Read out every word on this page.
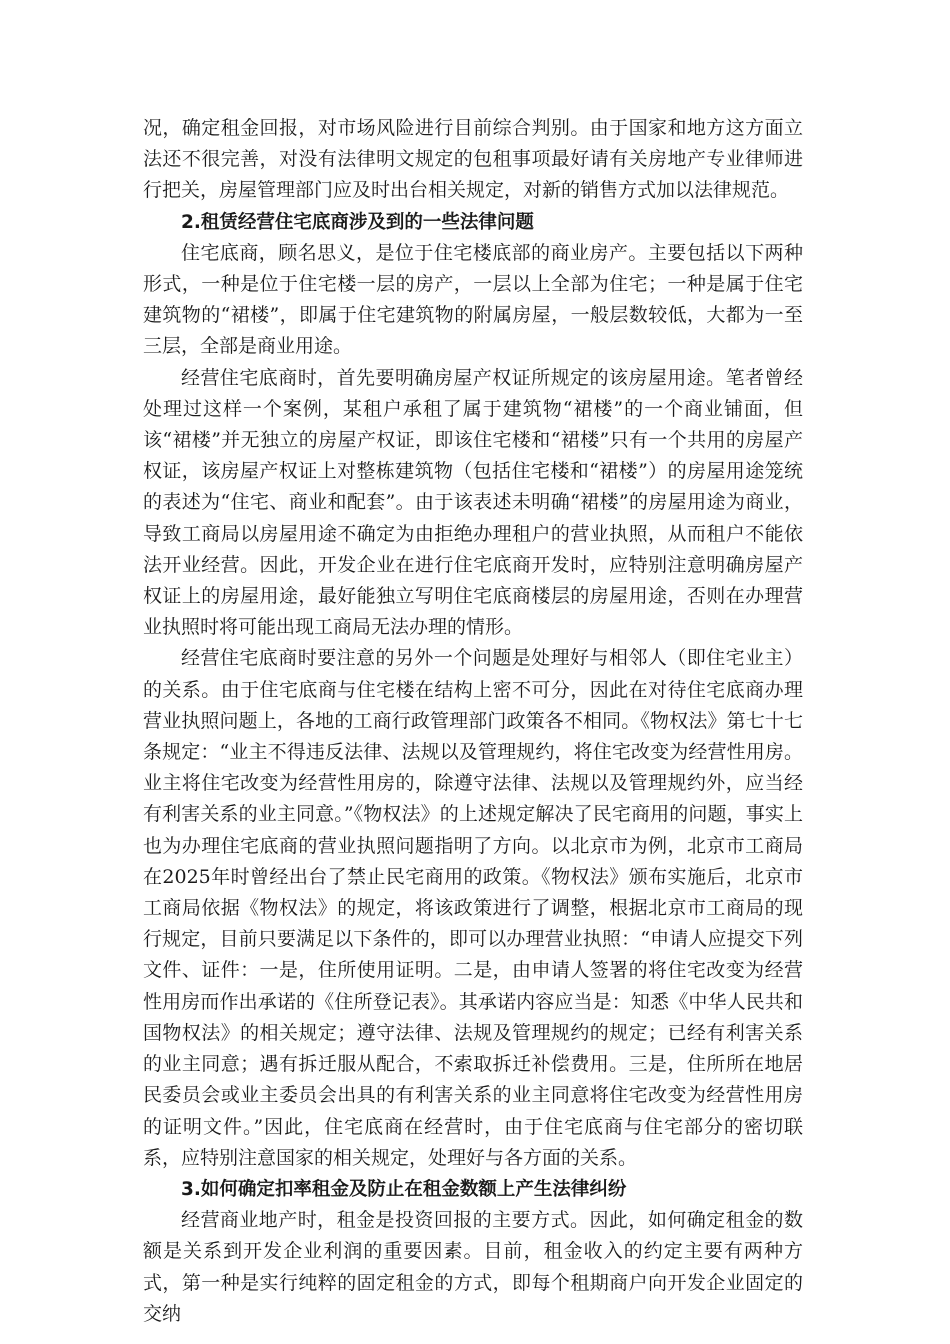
况，确定租金回报，对市场风险进行目前综合判别。由于国家和地方这方面立法还不很完善，对没有法律明文规定的包租事项最好请有关房地产专业律师进行把关，房屋管理部门应及时出台相关规定，对新的销售方式加以法律规范。

2.租赁经营住宅底商涉及到的一些法律问题

住宅底商，顾名思义，是位于住宅楼底部的商业房产。主要包括以下两种形式，一种是位于住宅楼一层的房产，一层以上全部为住宅；一种是属于住宅建筑物的“裙楼”，即属于住宅建筑物的附属房屋，一般层数较低，大都为一至三层，全部是商业用途。

经营住宅底商时，首先要明确房屋产权证所规定的该房屋用途。笔者曾经处理过这样一个案例，某租户承租了属于建筑物“裙楼”的一个商业铺面，但该“裙楼”并无独立的房屋产权证，即该住宅楼和“裙楼”只有一个共用的房屋产权证，该房屋产权证上对整栋建筑物（包括住宅楼和“裙楼”）的房屋用途笼统的表述为“住宅、商业和配套”。由于该表述未明确“裙楼”的房屋用途为商业，导致工商局以房屋用途不确定为由拒绝办理租户的营业执照，从而租户不能依法开业经营。因此，开发企业在进行住宅底商开发时，应特别注意明确房屋产权证上的房屋用途，最好能独立写明住宅底商楼层的房屋用途，否则在办理营业执照时将可能出现工商局无法办理的情形。

经营住宅底商时要注意的另外一个问题是处理好与相邻人（即住宅业主）的关系。由于住宅底商与住宅楼在结构上密不可分，因此在对待住宅底商办理营业执照问题上，各地的工商行政管理部门政策各不相同。《物权法》第七十七条规定：“业主不得违反法律、法规以及管理规约，将住宅改变为经营性用房。业主将住宅改变为经营性用房的，除遵守法律、法规以及管理规约外，应当经有利害关系的业主同意。”《物权法》的上述规定解决了民宅商用的问题，事实上也为办理住宅底商的营业执照问题指明了方向。以北京市为例，北京市工商局在2025年时曾经出台了禁止民宅商用的政策。《物权法》颁布实施后，北京市工商局依据《物权法》的规定，将该政策进行了调整，根据北京市工商局的现行规定，目前只要满足以下条件的，即可以办理营业执照：“申请人应提交下列文件、证件：一是，住所使用证明。二是，由申请人签署的将住宅改变为经营性用房而作出承诺的《住所登记表》。其承诺内容应当是：知悉《中华人民共和国物权法》的相关规定；遵守法律、法规及管理规约的规定；已经有利害关系的业主同意；遇有拆迁服从配合，不索取拆迁补偿费用。三是，住所所在地居民委员会或业主委员会出具的有利害关系的业主同意将住宅改变为经营性用房的证明文件。”因此，住宅底商在经营时，由于住宅底商与住宅部分的密切联系，应特别注意国家的相关规定，处理好与各方面的关系。

3.如何确定扣率租金及防止在租金数额上产生法律纠纷

经营商业地产时，租金是投资回报的主要方式。因此，如何确定租金的数额是关系到开发企业利润的重要因素。目前，租金收入的约定主要有两种方式，第一种是实行纯粹的固定租金的方式，即每个租期商户向开发企业固定的交纳
